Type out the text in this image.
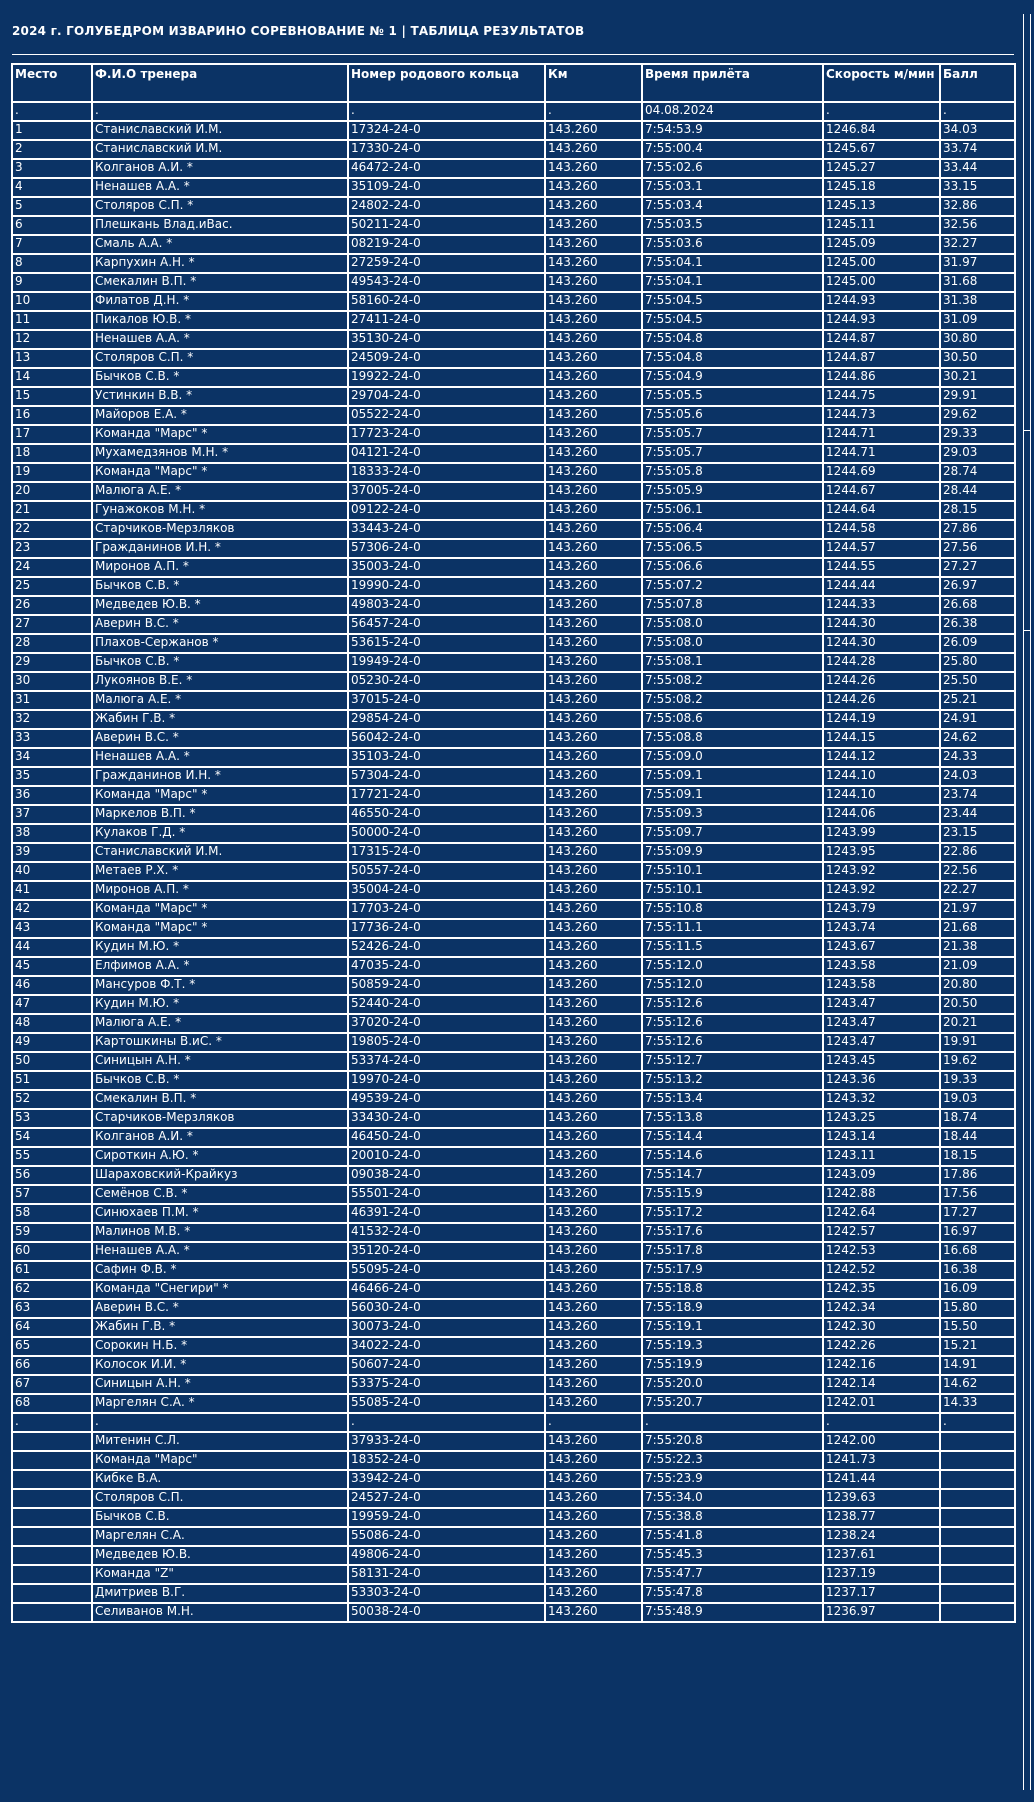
2024 г. ГОЛУБЕДРОМ ИЗВАРИНО СОРЕВНОВАНИЕ № 1 | ТАБЛИЦА РЕЗУЛЬТАТОВ
Место	Ф.И.О тренера	Номер родового кольца	Км	Время прилёта	Скорость м/мин	Балл
.	.	.	.	04.08.2024	.	.
1	Станиславский И.М.	17324-24-0	143.260	7:54:53.9	1246.84	34.03
2	Станиславский И.М.	17330-24-0	143.260	7:55:00.4	1245.67	33.74
3	Колганов А.И. *	46472-24-0	143.260	7:55:02.6	1245.27	33.44
4	Ненашев А.А. *	35109-24-0	143.260	7:55:03.1	1245.18	33.15
5	Столяров С.П. *	24802-24-0	143.260	7:55:03.4	1245.13	32.86
6	Плешкань Влад.иВас.	50211-24-0	143.260	7:55:03.5	1245.11	32.56
7	Смаль А.А. *	08219-24-0	143.260	7:55:03.6	1245.09	32.27
8	Карпухин А.Н. *	27259-24-0	143.260	7:55:04.1	1245.00	31.97
9	Смекалин В.П. *	49543-24-0	143.260	7:55:04.1	1245.00	31.68
10	Филатов Д.Н. *	58160-24-0	143.260	7:55:04.5	1244.93	31.38
11	Пикалов Ю.В. *	27411-24-0	143.260	7:55:04.5	1244.93	31.09
12	Ненашев А.А. *	35130-24-0	143.260	7:55:04.8	1244.87	30.80
13	Столяров С.П. *	24509-24-0	143.260	7:55:04.8	1244.87	30.50
14	Бычков С.В. *	19922-24-0	143.260	7:55:04.9	1244.86	30.21
15	Устинкин В.В. *	29704-24-0	143.260	7:55:05.5	1244.75	29.91
16	Майоров Е.А. *	05522-24-0	143.260	7:55:05.6	1244.73	29.62
17	Команда "Марс" *	17723-24-0	143.260	7:55:05.7	1244.71	29.33
18	Мухамедзянов М.Н. *	04121-24-0	143.260	7:55:05.7	1244.71	29.03
19	Команда "Марс" *	18333-24-0	143.260	7:55:05.8	1244.69	28.74
20	Малюга А.Е. *	37005-24-0	143.260	7:55:05.9	1244.67	28.44
21	Гунажоков М.Н. *	09122-24-0	143.260	7:55:06.1	1244.64	28.15
22	Старчиков-Мерзляков	33443-24-0	143.260	7:55:06.4	1244.58	27.86
23	Гражданинов И.Н. *	57306-24-0	143.260	7:55:06.5	1244.57	27.56
24	Миронов А.П. *	35003-24-0	143.260	7:55:06.6	1244.55	27.27
25	Бычков С.В. *	19990-24-0	143.260	7:55:07.2	1244.44	26.97
26	Медведев Ю.В. *	49803-24-0	143.260	7:55:07.8	1244.33	26.68
27	Аверин В.С. *	56457-24-0	143.260	7:55:08.0	1244.30	26.38
28	Плахов-Сержанов *	53615-24-0	143.260	7:55:08.0	1244.30	26.09
29	Бычков С.В. *	19949-24-0	143.260	7:55:08.1	1244.28	25.80
30	Лукоянов В.Е. *	05230-24-0	143.260	7:55:08.2	1244.26	25.50
31	Малюга А.Е. *	37015-24-0	143.260	7:55:08.2	1244.26	25.21
32	Жабин Г.В. *	29854-24-0	143.260	7:55:08.6	1244.19	24.91
33	Аверин В.С. *	56042-24-0	143.260	7:55:08.8	1244.15	24.62
34	Ненашев А.А. *	35103-24-0	143.260	7:55:09.0	1244.12	24.33
35	Гражданинов И.Н. *	57304-24-0	143.260	7:55:09.1	1244.10	24.03
36	Команда "Марс" *	17721-24-0	143.260	7:55:09.1	1244.10	23.74
37	Маркелов В.П. *	46550-24-0	143.260	7:55:09.3	1244.06	23.44
38	Кулаков Г.Д. *	50000-24-0	143.260	7:55:09.7	1243.99	23.15
39	Станиславский И.М.	17315-24-0	143.260	7:55:09.9	1243.95	22.86
40	Метаев Р.Х. *	50557-24-0	143.260	7:55:10.1	1243.92	22.56
41	Миронов А.П. *	35004-24-0	143.260	7:55:10.1	1243.92	22.27
42	Команда "Марс" *	17703-24-0	143.260	7:55:10.8	1243.79	21.97
43	Команда "Марс" *	17736-24-0	143.260	7:55:11.1	1243.74	21.68
44	Кудин М.Ю. *	52426-24-0	143.260	7:55:11.5	1243.67	21.38
45	Елфимов А.А. *	47035-24-0	143.260	7:55:12.0	1243.58	21.09
46	Мансуров Ф.Т. *	50859-24-0	143.260	7:55:12.0	1243.58	20.80
47	Кудин М.Ю. *	52440-24-0	143.260	7:55:12.6	1243.47	20.50
48	Малюга А.Е. *	37020-24-0	143.260	7:55:12.6	1243.47	20.21
49	Картошкины В.иС. *	19805-24-0	143.260	7:55:12.6	1243.47	19.91
50	Синицын А.Н. *	53374-24-0	143.260	7:55:12.7	1243.45	19.62
51	Бычков С.В. *	19970-24-0	143.260	7:55:13.2	1243.36	19.33
52	Смекалин В.П. *	49539-24-0	143.260	7:55:13.4	1243.32	19.03
53	Старчиков-Мерзляков	33430-24-0	143.260	7:55:13.8	1243.25	18.74
54	Колганов А.И. *	46450-24-0	143.260	7:55:14.4	1243.14	18.44
55	Сироткин А.Ю. *	20010-24-0	143.260	7:55:14.6	1243.11	18.15
56	Шараховский-Крайкуз	09038-24-0	143.260	7:55:14.7	1243.09	17.86
57	Семёнов С.В. *	55501-24-0	143.260	7:55:15.9	1242.88	17.56
58	Синюхаев П.М. *	46391-24-0	143.260	7:55:17.2	1242.64	17.27
59	Малинов М.В. *	41532-24-0	143.260	7:55:17.6	1242.57	16.97
60	Ненашев А.А. *	35120-24-0	143.260	7:55:17.8	1242.53	16.68
61	Сафин Ф.В. *	55095-24-0	143.260	7:55:17.9	1242.52	16.38
62	Команда "Снегири" *	46466-24-0	143.260	7:55:18.8	1242.35	16.09
63	Аверин В.С. *	56030-24-0	143.260	7:55:18.9	1242.34	15.80
64	Жабин Г.В. *	30073-24-0	143.260	7:55:19.1	1242.30	15.50
65	Сорокин Н.Б. *	34022-24-0	143.260	7:55:19.3	1242.26	15.21
66	Колосок И.И. *	50607-24-0	143.260	7:55:19.9	1242.16	14.91
67	Синицын А.Н. *	53375-24-0	143.260	7:55:20.0	1242.14	14.62
68	Маргелян С.А. *	55085-24-0	143.260	7:55:20.7	1242.01	14.33
.	.	.	.	.	.	.
	Митенин С.Л.	37933-24-0	143.260	7:55:20.8	1242.00	
	Команда "Марс"	18352-24-0	143.260	7:55:22.3	1241.73	
	Кибке В.А.	33942-24-0	143.260	7:55:23.9	1241.44	
	Столяров С.П.	24527-24-0	143.260	7:55:34.0	1239.63	
	Бычков С.В.	19959-24-0	143.260	7:55:38.8	1238.77	
	Маргелян С.А.	55086-24-0	143.260	7:55:41.8	1238.24	
	Медведев Ю.В.	49806-24-0	143.260	7:55:45.3	1237.61	
	Команда "Z"	58131-24-0	143.260	7:55:47.7	1237.19	
	Дмитриев В.Г.	53303-24-0	143.260	7:55:47.8	1237.17	
	Селиванов М.Н.	50038-24-0	143.260	7:55:48.9	1236.97	
